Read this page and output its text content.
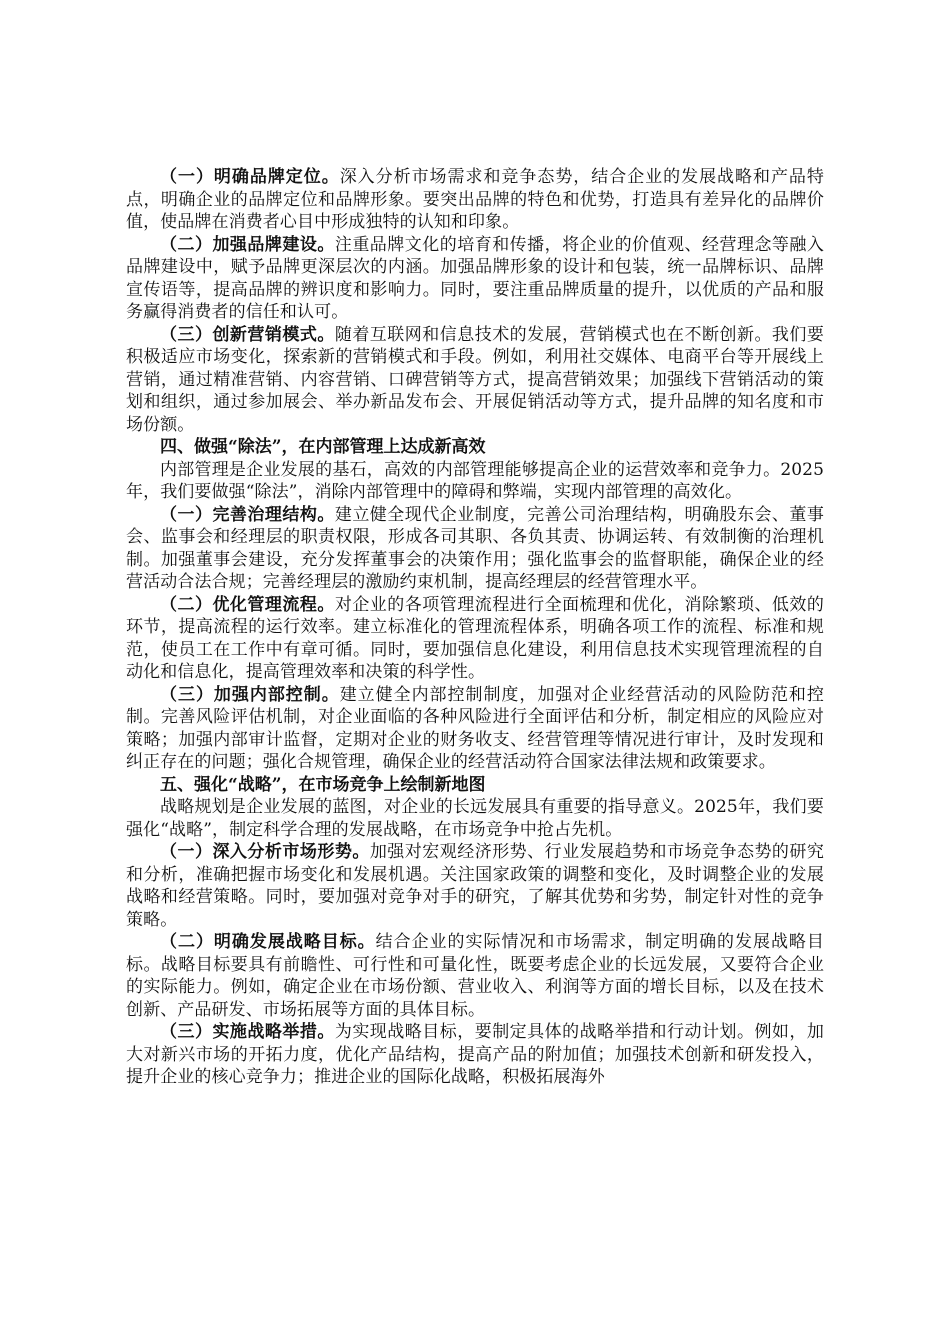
（一）明确品牌定位。深入分析市场需求和竞争态势，结合企业的发展战略和产品特点，明确企业的品牌定位和品牌形象。要突出品牌的特色和优势，打造具有差异化的品牌价值，使品牌在消费者心目中形成独特的认知和印象。

（二）加强品牌建设。注重品牌文化的培育和传播，将企业的价值观、经营理念等融入品牌建设中，赋予品牌更深层次的内涵。加强品牌形象的设计和包装，统一品牌标识、品牌宣传语等，提高品牌的辨识度和影响力。同时，要注重品牌质量的提升，以优质的产品和服务赢得消费者的信任和认可。

（三）创新营销模式。随着互联网和信息技术的发展，营销模式也在不断创新。我们要积极适应市场变化，探索新的营销模式和手段。例如，利用社交媒体、电商平台等开展线上营销，通过精准营销、内容营销、口碑营销等方式，提高营销效果；加强线下营销活动的策划和组织，通过参加展会、举办新品发布会、开展促销活动等方式，提升品牌的知名度和市场份额。

四、做强“除法”，在内部管理上达成新高效

内部管理是企业发展的基石，高效的内部管理能够提高企业的运营效率和竞争力。2025年，我们要做强“除法”，消除内部管理中的障碍和弊端，实现内部管理的高效化。

（一）完善治理结构。建立健全现代企业制度，完善公司治理结构，明确股东会、董事会、监事会和经理层的职责权限，形成各司其职、各负其责、协调运转、有效制衡的治理机制。加强董事会建设，充分发挥董事会的决策作用；强化监事会的监督职能，确保企业的经营活动合法合规；完善经理层的激励约束机制，提高经理层的经营管理水平。

（二）优化管理流程。对企业的各项管理流程进行全面梳理和优化，消除繁琐、低效的环节，提高流程的运行效率。建立标准化的管理流程体系，明确各项工作的流程、标准和规范，使员工在工作中有章可循。同时，要加强信息化建设，利用信息技术实现管理流程的自动化和信息化，提高管理效率和决策的科学性。

（三）加强内部控制。建立健全内部控制制度，加强对企业经营活动的风险防范和控制。完善风险评估机制，对企业面临的各种风险进行全面评估和分析，制定相应的风险应对策略；加强内部审计监督，定期对企业的财务收支、经营管理等情况进行审计，及时发现和纠正存在的问题；强化合规管理，确保企业的经营活动符合国家法律法规和政策要求。

五、强化“战略”，在市场竞争上绘制新地图

战略规划是企业发展的蓝图，对企业的长远发展具有重要的指导意义。2025年，我们要强化“战略”，制定科学合理的发展战略，在市场竞争中抢占先机。

（一）深入分析市场形势。加强对宏观经济形势、行业发展趋势和市场竞争态势的研究和分析，准确把握市场变化和发展机遇。关注国家政策的调整和变化，及时调整企业的发展战略和经营策略。同时，要加强对竞争对手的研究，了解其优势和劣势，制定针对性的竞争策略。

（二）明确发展战略目标。结合企业的实际情况和市场需求，制定明确的发展战略目标。战略目标要具有前瞻性、可行性和可量化性，既要考虑企业的长远发展，又要符合企业的实际能力。例如，确定企业在市场份额、营业收入、利润等方面的增长目标，以及在技术创新、产品研发、市场拓展等方面的具体目标。

（三）实施战略举措。为实现战略目标，要制定具体的战略举措和行动计划。例如，加大对新兴市场的开拓力度，优化产品结构，提高产品的附加值；加强技术创新和研发投入，提升企业的核心竞争力；推进企业的国际化战略，积极拓展海外
